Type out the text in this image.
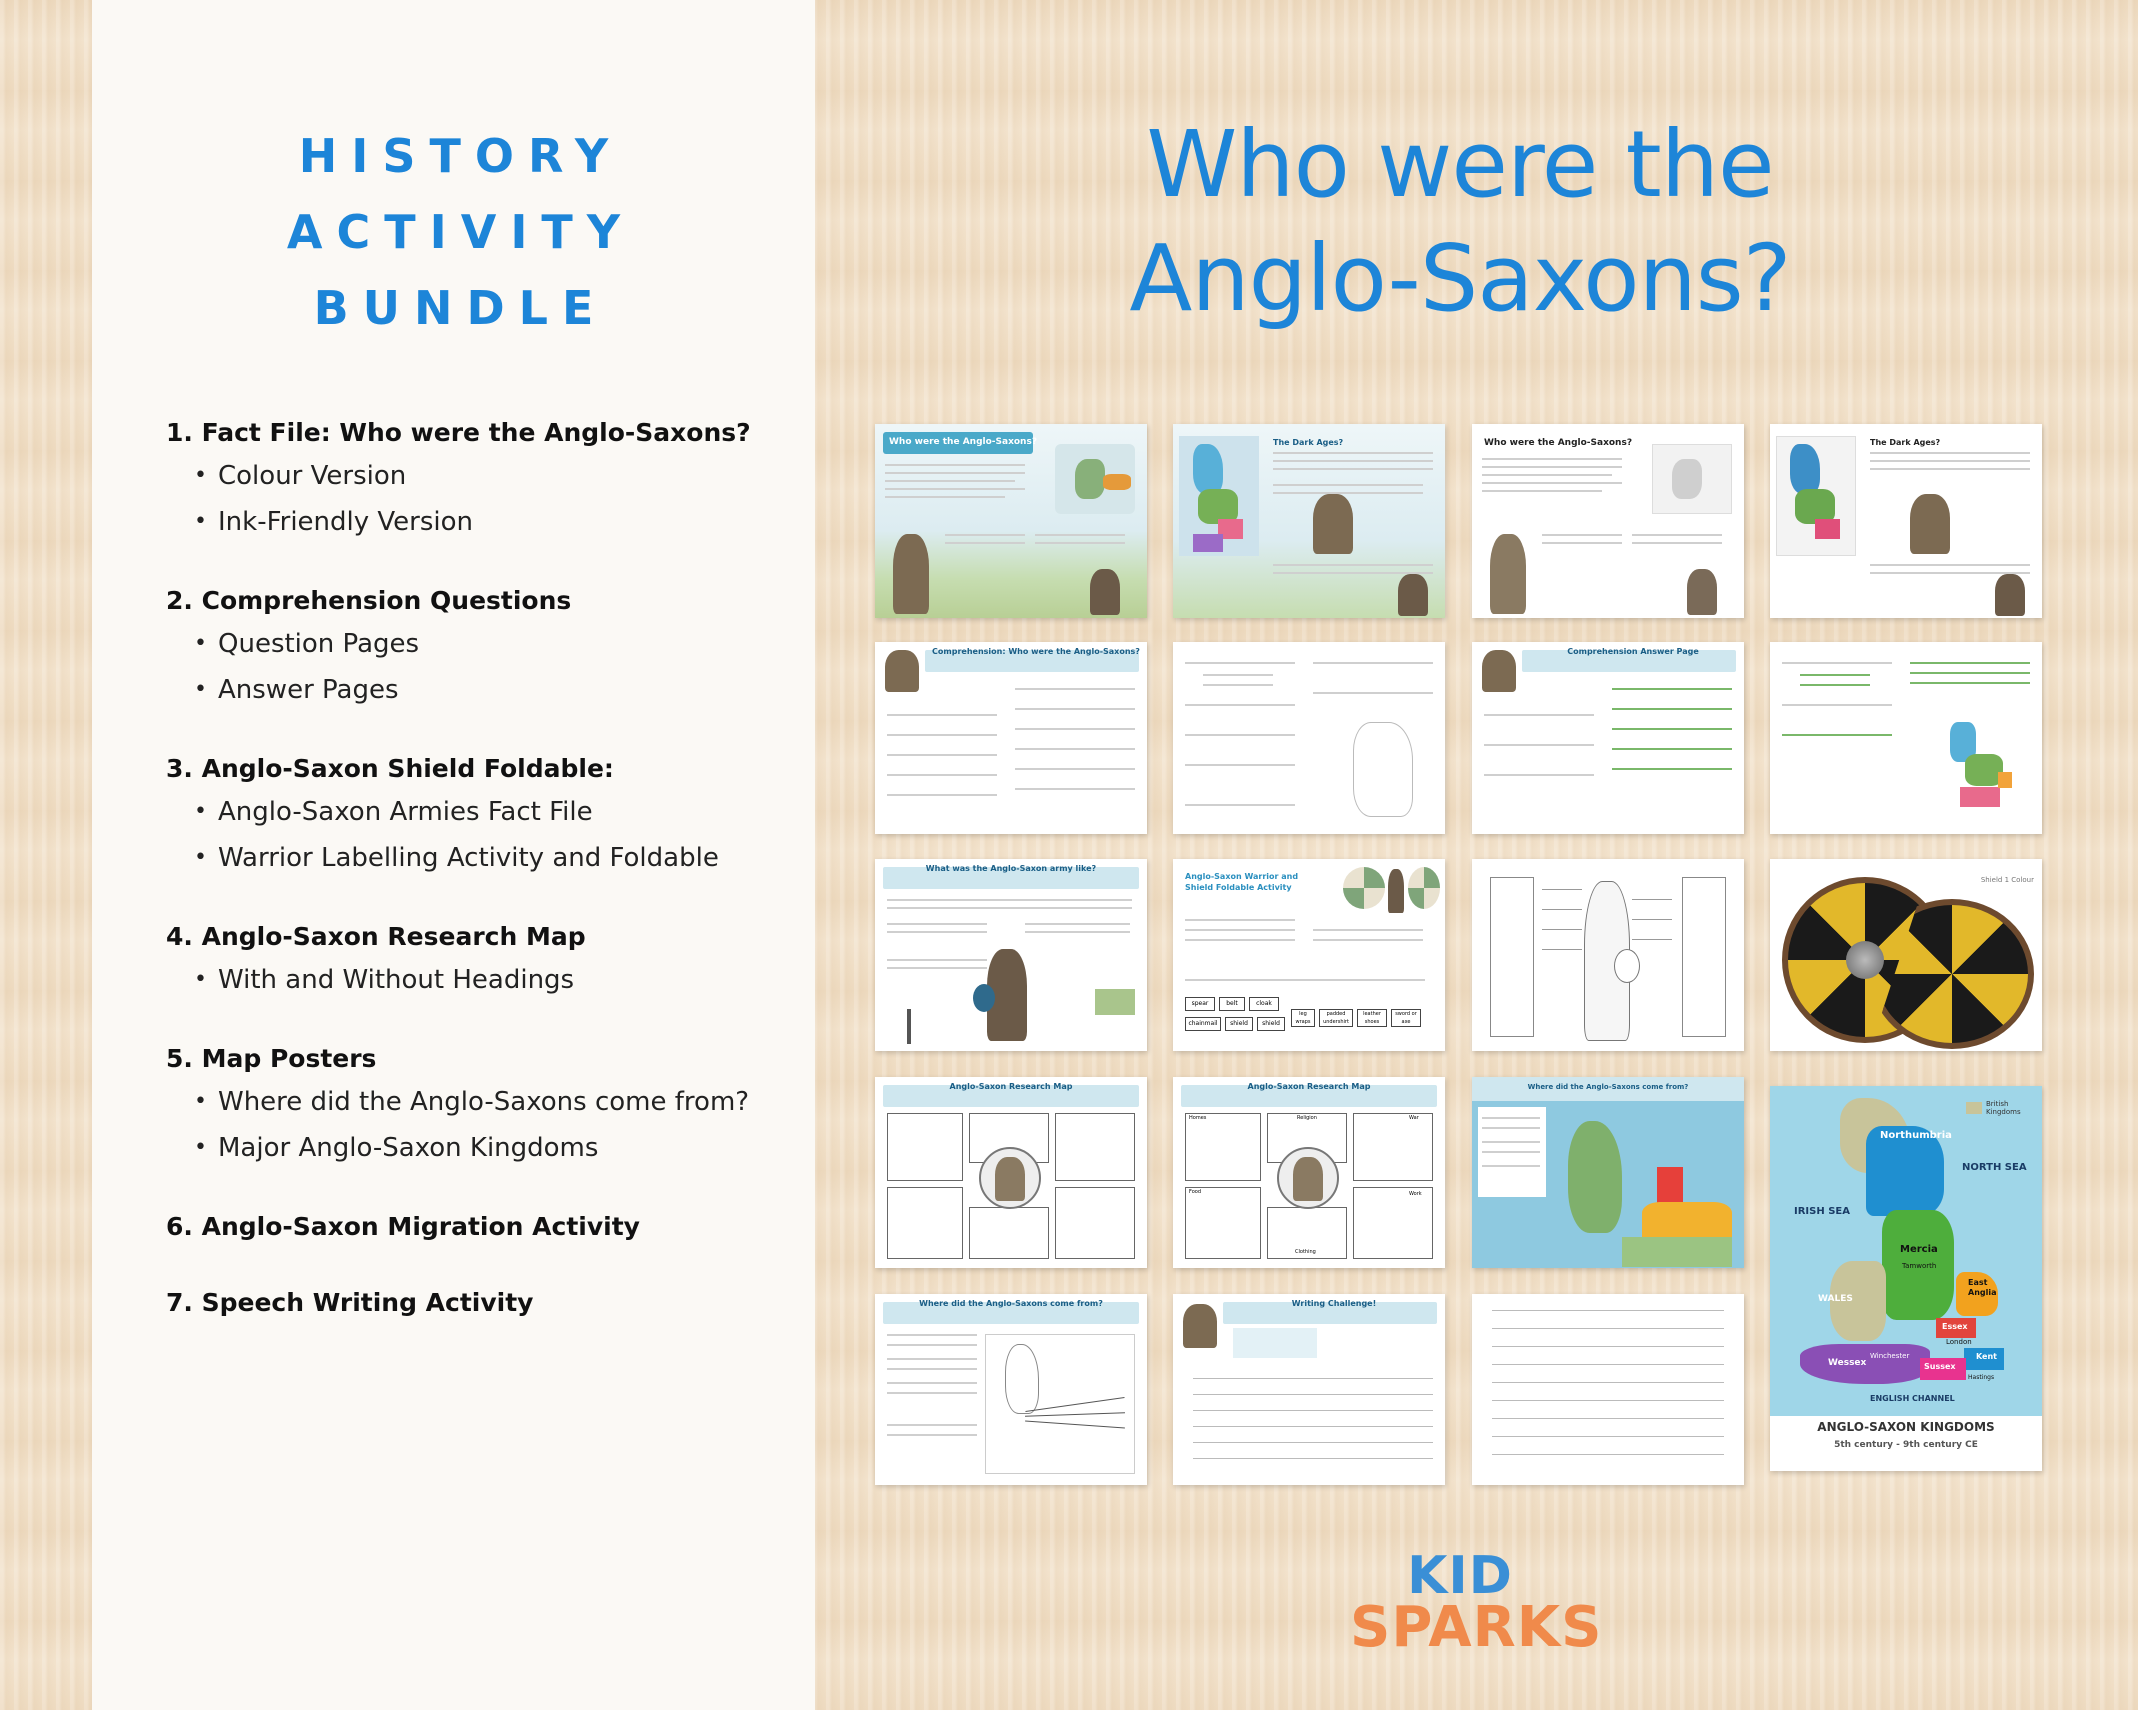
HISTORY
ACTIVITY
BUNDLE
1. Fact File: Who were the Anglo-Saxons?
• Colour Version
• Ink-Friendly Version
2. Comprehension Questions
• Question Pages
• Answer Pages
3. Anglo-Saxon Shield Foldable:
• Anglo-Saxon Armies Fact File
• Warrior Labelling Activity and Foldable
4. Anglo-Saxon Research Map
• With and Without Headings
5. Map Posters
• Where did the Anglo-Saxons come from?
• Major Anglo-Saxon Kingdoms
6. Anglo-Saxon Migration Activity
7. Speech Writing Activity
Who were the
Anglo-Saxons?
Who were the Anglo-Saxons?	The Dark Ages?	Who were the Anglo-Saxons?	The Dark Ages?
Comprehension: Who were the Anglo-Saxons?	Comprehension Answer Page
What was the Anglo-Saxon army like?
Anglo-Saxon Warrior and Shield Foldable Activity
spear	belt	cloak
leg wraps
padded undershirt
leather shoes
sword or axe
chainmail	shield	shield
Shield 1 Colour
Anglo-Saxon Research Map	Anglo-Saxon Research Map
Homes	Religion	War
Food
Clothing
Work
Where did the Anglo-Saxons come from?
British Kingdoms
Northumbria
NORTH SEA
IRISH SEA
Mercia
Tamworth
WALES
East Anglia
Essex
London
Wessex
Winchester	Kent
Sussex
Hastings
ENGLISH CHANNEL
ANGLO-SAXON KINGDOMS
5th century - 9th century CE
Where did the Anglo-Saxons come from?	Writing Challenge!
KID
SPARKS
